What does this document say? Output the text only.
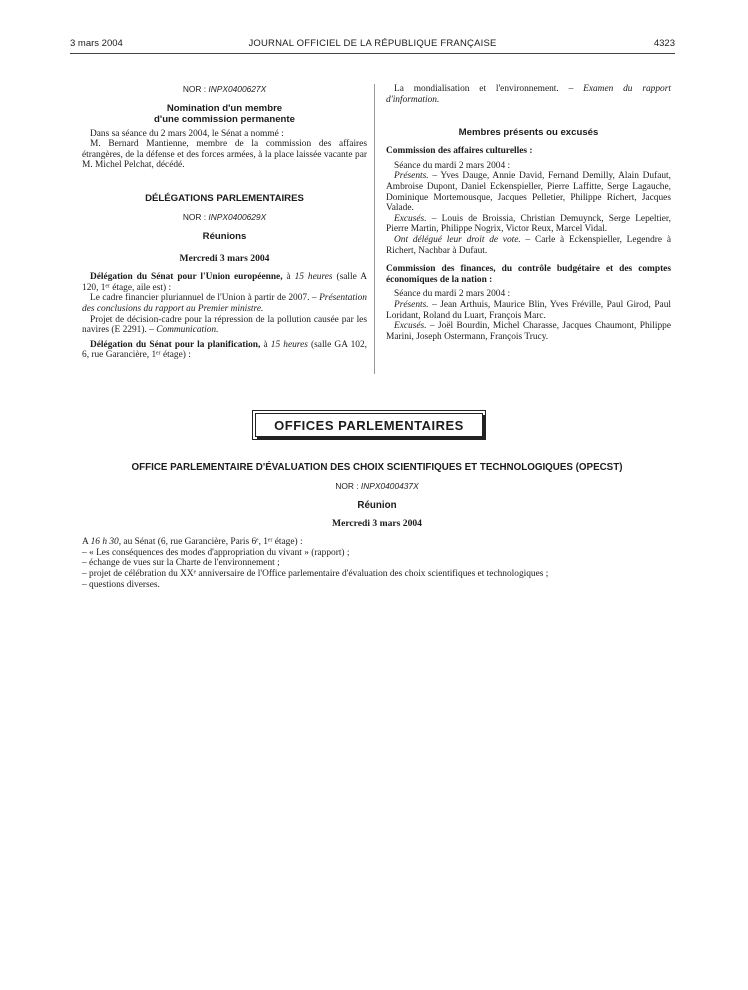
3 mars 2004	JOURNAL OFFICIEL DE LA RÉPUBLIQUE FRANÇAISE	4323
NOR : INPX0400627X
Nomination d'un membre
d'une commission permanente

Dans sa séance du 2 mars 2004, le Sénat a nommé :

M. Bernard Mantienne, membre de la commission des affaires étrangères, de la défense et des forces armées, à la place laissée vacante par M. Michel Pelchat, décédé.

DÉLÉGATIONS PARLEMENTAIRES
NOR : INPX0400629X
Réunions
Mercredi 3 mars 2004

Délégation du Sénat pour l'Union européenne, à 15 heures (salle A 120, 1ᵉʳ étage, aile est) :

Le cadre financier pluriannuel de l'Union à partir de 2007. – Présentation des conclusions du rapport au Premier ministre.

Projet de décision-cadre pour la répression de la pollution causée par les navires (E 2291). – Communication.

Délégation du Sénat pour la planification, à 15 heures (salle GA 102, 6, rue Garancière, 1ᵉʳ étage) :

La mondialisation et l'environnement. – Examen du rapport d'information.

Membres présents ou excusés

Commission des affaires culturelles :

Séance du mardi 2 mars 2004 :

Présents. – Yves Dauge, Annie David, Fernand Demilly, Alain Dufaut, Ambroise Dupont, Daniel Eckenspieller, Pierre Laffitte, Serge Lagauche, Dominique Mortemousque, Jacques Pelletier, Philippe Richert, Jacques Valade.

Excusés. – Louis de Broissia, Christian Demuynck, Serge Lepeltier, Pierre Martin, Philippe Nogrix, Victor Reux, Marcel Vidal.

Ont délégué leur droit de vote. – Carle à Eckenspieller, Legendre à Richert, Nachbar à Dufaut.

Commission des finances, du contrôle budgétaire et des comptes économiques de la nation :

Séance du mardi 2 mars 2004 :

Présents. – Jean Arthuis, Maurice Blin, Yves Fréville, Paul Girod, Paul Loridant, Roland du Luart, François Marc.

Excusés. – Joël Bourdin, Michel Charasse, Jacques Chaumont, Philippe Marini, Joseph Ostermann, François Trucy.

OFFICES PARLEMENTAIRES
OFFICE PARLEMENTAIRE D'ÉVALUATION DES CHOIX SCIENTIFIQUES ET TECHNOLOGIQUES (OPECST)
NOR : INPX0400437X
Réunion
Mercredi 3 mars 2004

A 16 h 30, au Sénat (6, rue Garancière, Paris 6ᵉ, 1ᵉʳ étage) :

– « Les conséquences des modes d'appropriation du vivant » (rapport) ;

– échange de vues sur la Charte de l'environnement ;

– projet de célébration du XXᵉ anniversaire de l'Office parlementaire d'évaluation des choix scientifiques et technologiques ;

– questions diverses.
